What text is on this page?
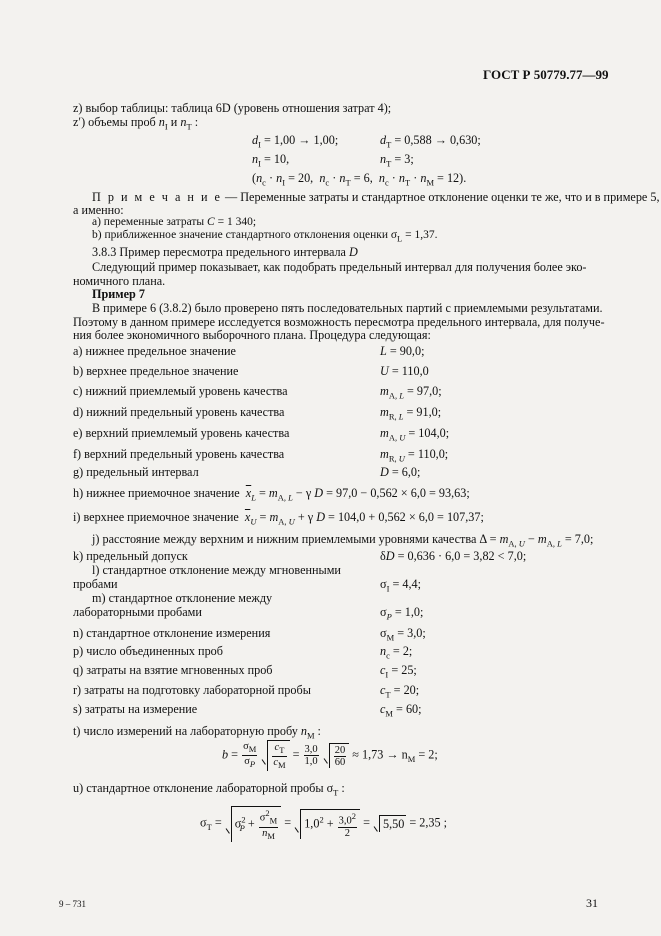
ГОСТ Р 50779.77—99
z) выбор таблицы: таблица 6D (уровень отношения затрат 4);
z′) объемы проб $n_I$ и $n_T$ :
$d_I = 1,00 \to 1,00$;	$d_T = 0,588 \to 0,630$;
$n_I = 10$,	$n_T = 3$;
($n_c \cdot n_I = 20$, $n_c \cdot n_T = 6$, $n_c \cdot n_T \cdot n_M = 12$).
П р и м е ч а н и е — Переменные затраты и стандартное отклонение оценки те же, что и в примере 5,
а именно:
а) переменные затраты C = 1 340;
b) приближенное значение стандартного отклонения оценки $\sigma_L = 1,37$.
3.8.3 Пример пересмотра предельного интервала D
Следующий пример показывает, как подобрать предельный интервал для получения более эко-
номичного плана.
Пример 7
В примере 6 (3.8.2) было проверено пять последовательных партий с приемлемыми результатами.
Поэтому в данном примере исследуется возможность пересмотра предельного интервала, для получе-
ния более экономичного выборочного плана. Процедура следующая:
a) нижнее предельное значение	L = 90,0;
b) верхнее предельное значение	U = 110,0
c) нижний приемлемый уровень качества	$m_{A, L} = 97,0$;
d) нижний предельный уровень качества	$m_{R, L} = 91,0$;
e) верхний приемлемый уровень качества	$m_{A, U} = 104,0$;
f) верхний предельный уровень качества	$m_{R, U} = 110,0$;
g) предельный интервал	D = 6,0;
h) нижнее приемочное значение $\overline{x}_L = m_{A, L} - \gamma$ D = 97,0 − 0,562 × 6,0 = 93,63;
i) верхнее приемочное значение $\overline{x}_U = m_{A, U} + \gamma$ D = 104,0 + 0,562 × 6,0 = 107,37;
j) расстояние между верхним и нижним приемлемыми уровнями качества $\Delta = m_{A, U} - m_{A, L} = 7,0$;
k) предельный допуск	δD = 0,636 · 6,0 = 3,82 < 7,0;
l) стандартное отклонение между мгновенными
пробами	$\sigma_I = 4,4$;
m) стандартное отклонение между
лабораторными пробами	$\sigma_P = 1,0$;
n) стандартное отклонение измерения	$\sigma_M = 3,0$;
p) число объединенных проб	$n_c = 2$;
q) затраты на взятие мгновенных проб	$c_I = 25$;
r) затраты на подготовку лабораторной пробы	$c_T = 20$;
s) затраты на измерение	$c_M = 60$;
t) число измерений на лабораторную пробу $n_M$ :
$b = \frac{\sigma_M}{\sigma_P}$
$\frac{c_T}{c_M} = \frac{3,0}{1,0}$
$\frac{20}{60} \approx 1,73 \to n_M = 2$;
u) стандартное отклонение лабораторной пробы $\sigma_T$ :
$\sigma_T = \sigma^2_P + \frac{\sigma^2_M}{n_M} = 1,0^2 + \frac{3,0^2}{2} = 5,50 = 2,35$ ;
9 – 731	31
